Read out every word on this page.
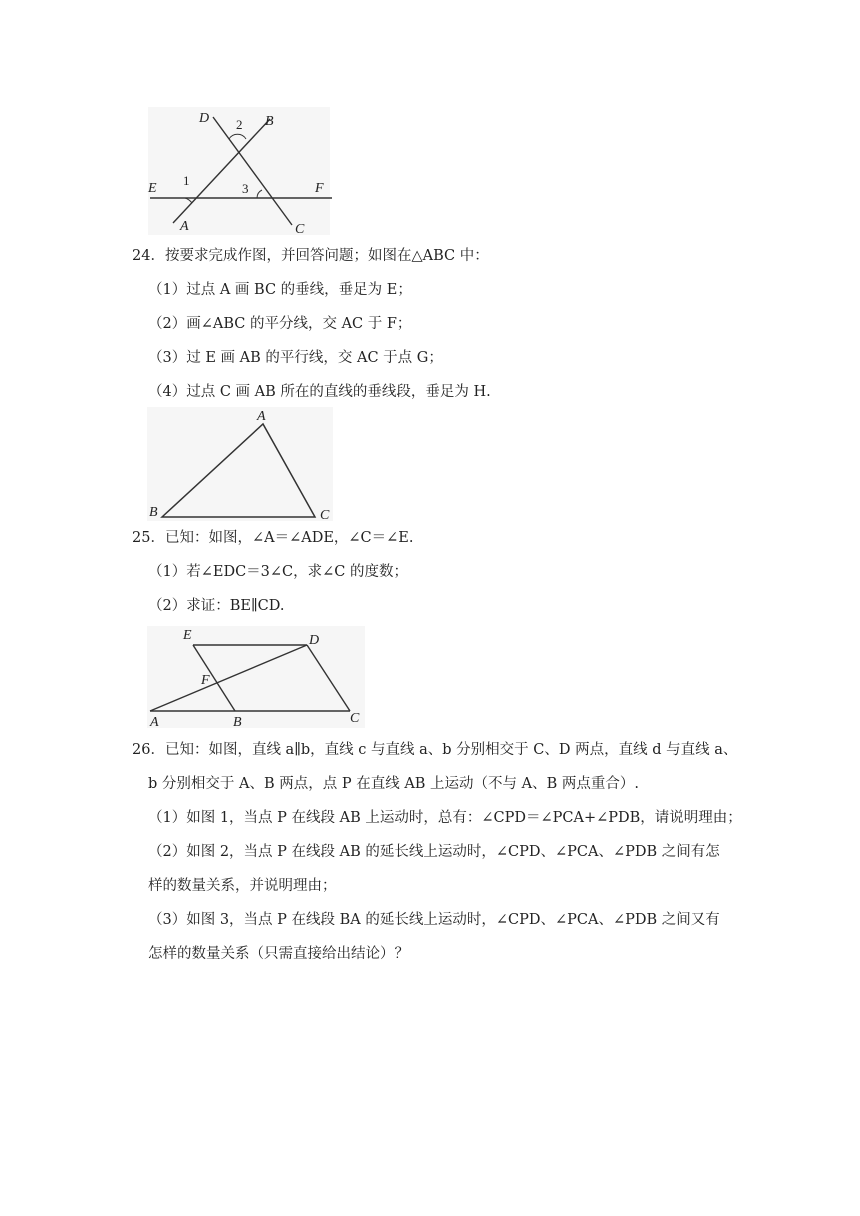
D	B
E	F
A	C
1
2
3
24．按要求完成作图，并回答问题；如图在△ABC 中：
（1）过点 A 画 BC 的垂线，垂足为 E；
（2）画∠ABC 的平分线，交 AC 于 F；
（3）过 E 画 AB 的平行线，交 AC 于点 G；
（4）过点 C 画 AB 所在的直线的垂线段，垂足为 H.
A
B	C
25．已知：如图，∠A＝∠ADE，∠C＝∠E.
（1）若∠EDC＝3∠C，求∠C 的度数；
（2）求证：BE∥CD.
E	D
F
A	B	C
26．已知：如图，直线 a∥b，直线 c 与直线 a、b 分别相交于 C、D 两点，直线 d 与直线 a、
b 分别相交于 A、B 两点，点 P 在直线 AB 上运动（不与 A、B 两点重合）.
（1）如图 1，当点 P 在线段 AB 上运动时，总有：∠CPD＝∠PCA+∠PDB，请说明理由；
（2）如图 2，当点 P 在线段 AB 的延长线上运动时，∠CPD、∠PCA、∠PDB 之间有怎
样的数量关系，并说明理由；
（3）如图 3，当点 P 在线段 BA 的延长线上运动时，∠CPD、∠PCA、∠PDB 之间又有
怎样的数量关系（只需直接给出结论）？
